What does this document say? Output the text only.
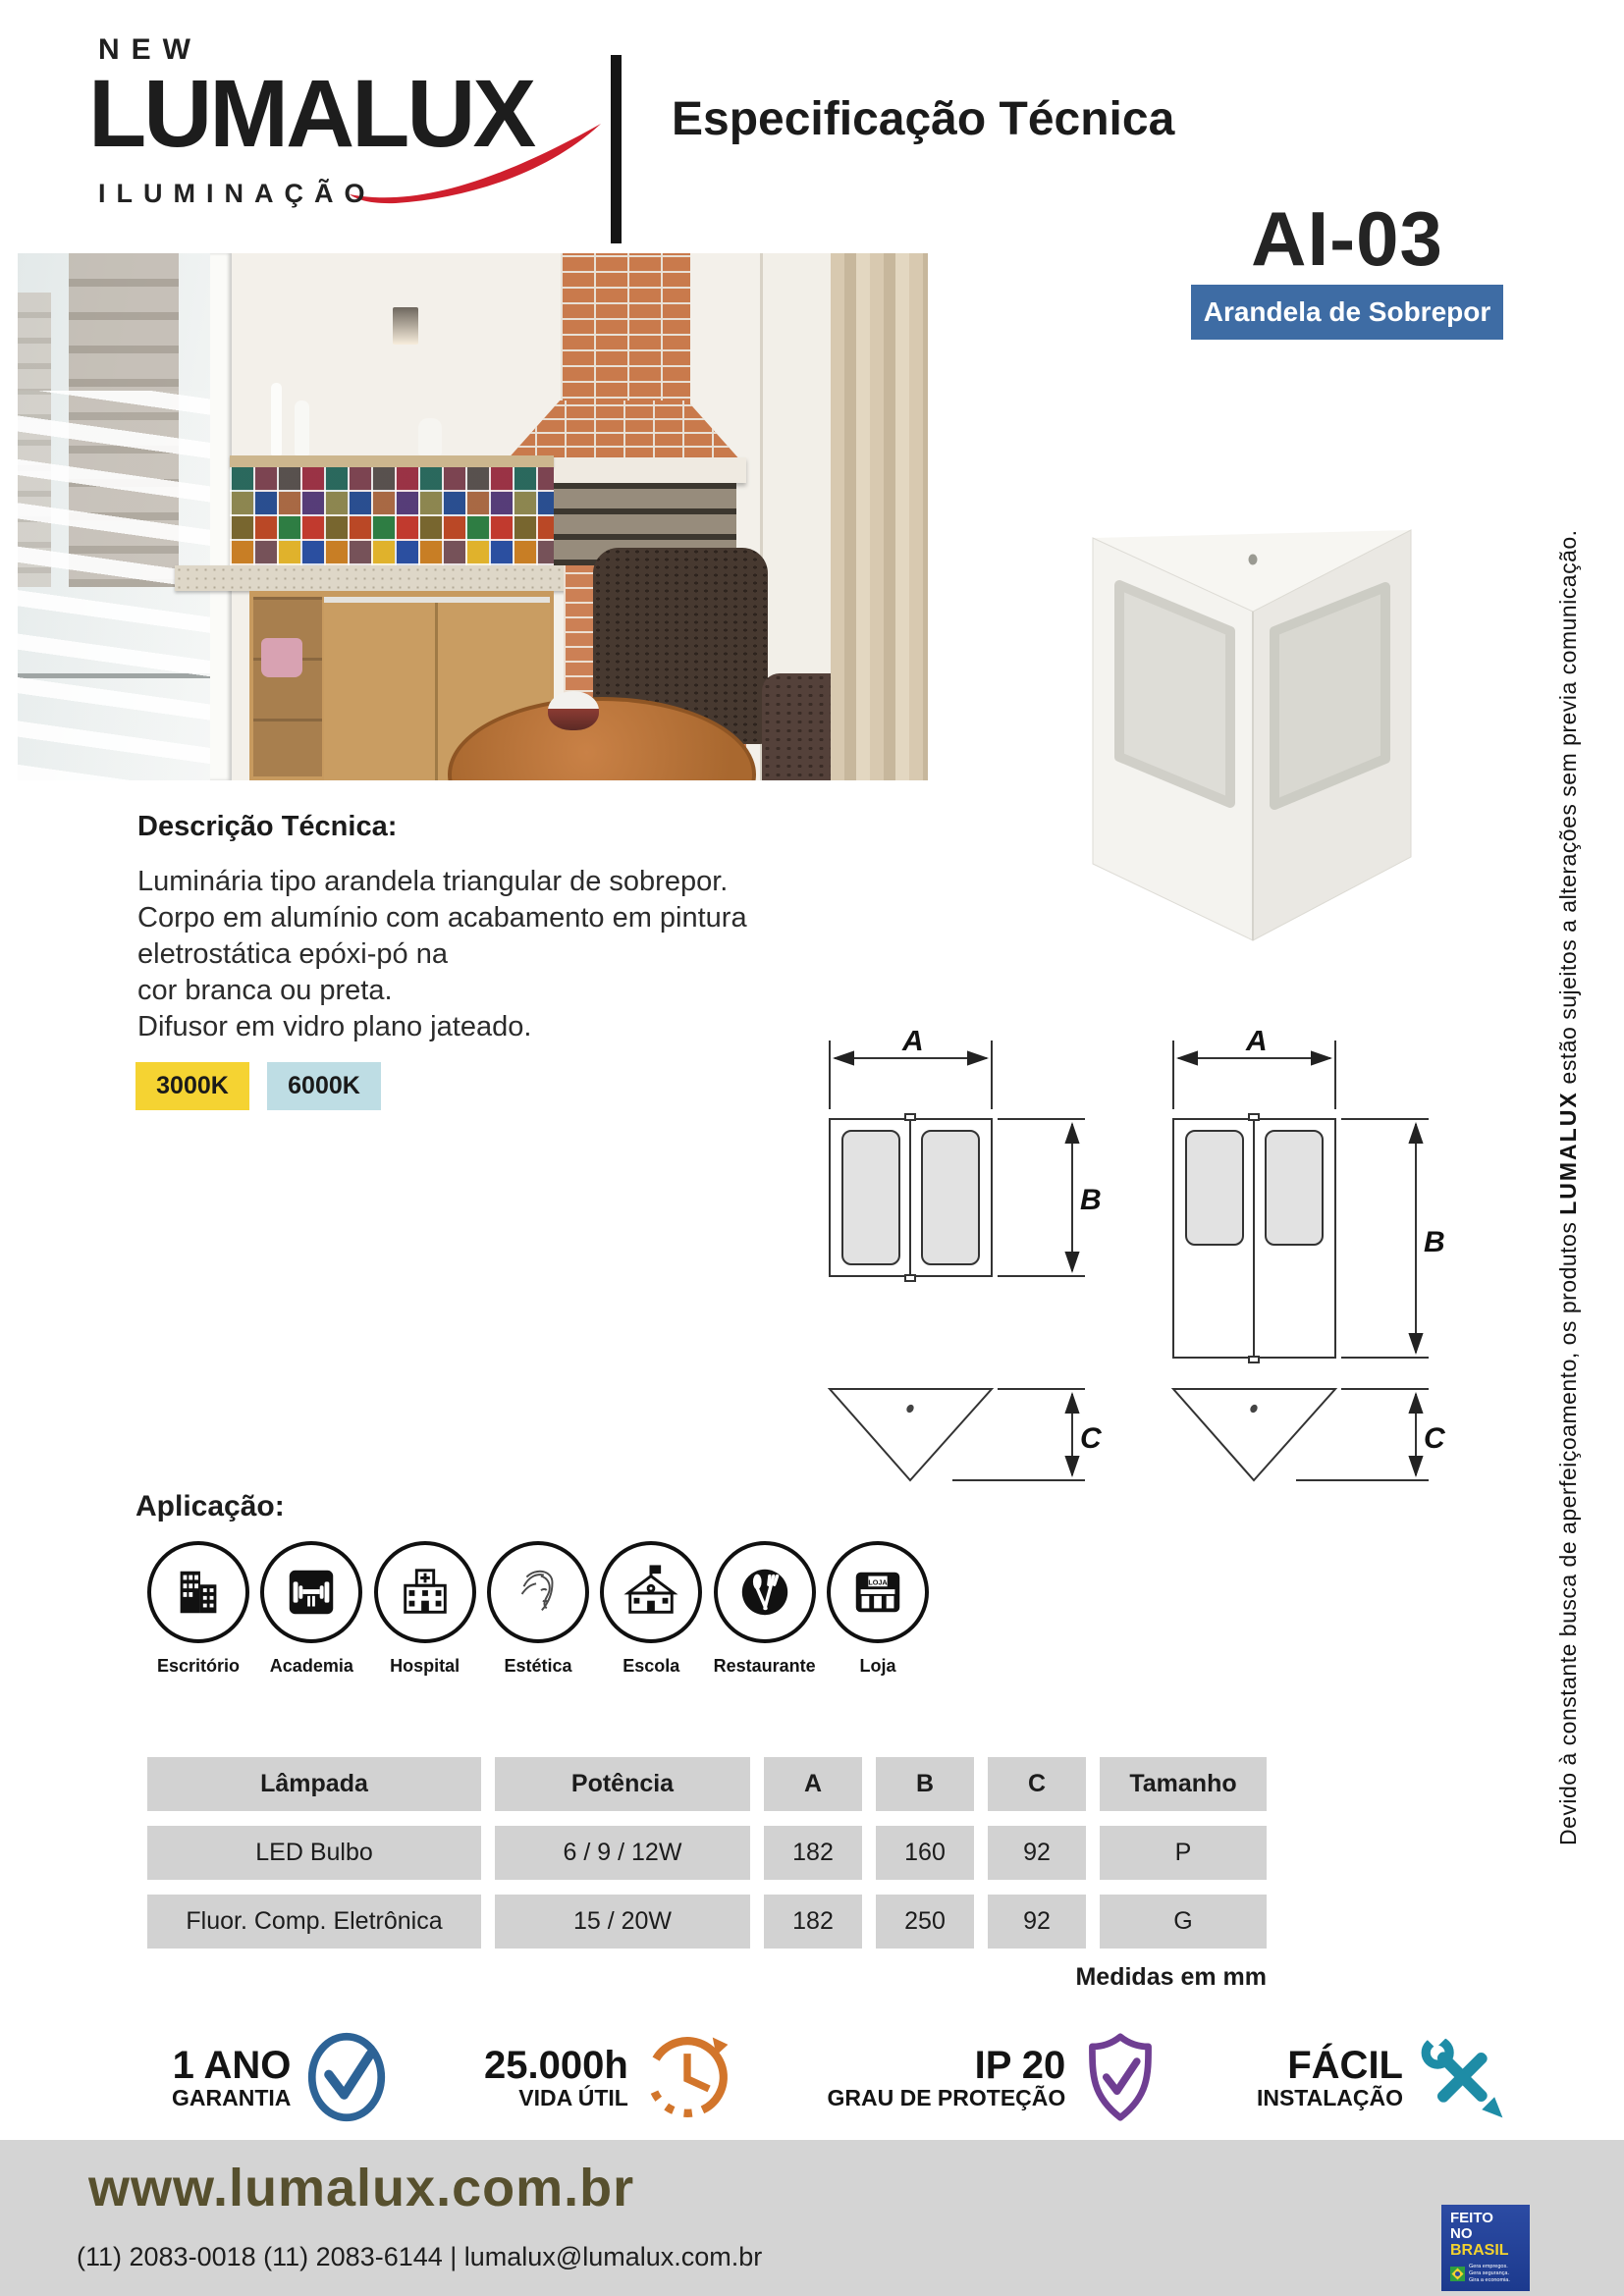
NEW
LUMALUX
ILUMINAÇÃO
Especificação Técnica
AI-03
Arandela de Sobrepor
Devido à constante busca de aperfeiçoamento, os produtos LUMALUX estão sujeitos a alterações sem previa comunicação.
Descrição Técnica:
Luminária tipo arandela triangular de sobrepor.
Corpo em alumínio com acabamento em pintura
eletrostática epóxi-pó na
cor branca ou preta.
Difusor em vidro plano jateado.
3000K	6000K
A
B
C
A
B
C
Aplicação:
Escritório	Academia	Hospital	Estética	Escola	Restaurante
LOJA
Loja
Lâmpada	Potência	A	B	C	Tamanho
LED Bulbo	6 / 9 / 12W	182	160	92	P
Fluor. Comp. Eletrônica	15 / 20W	182	250	92	G
Medidas em mm
1 ANO
GARANTIA
25.000h
VIDA ÚTIL
IP 20
GRAU DE PROTEÇÃO
FÁCIL
INSTALAÇÃO
www.lumalux.com.br
(11) 2083-0018 (11) 2083-6144 | lumalux@lumalux.com.br
FEITO
NO
BRASIL
Gera empregos.
Gera segurança.
Gira a economia.
